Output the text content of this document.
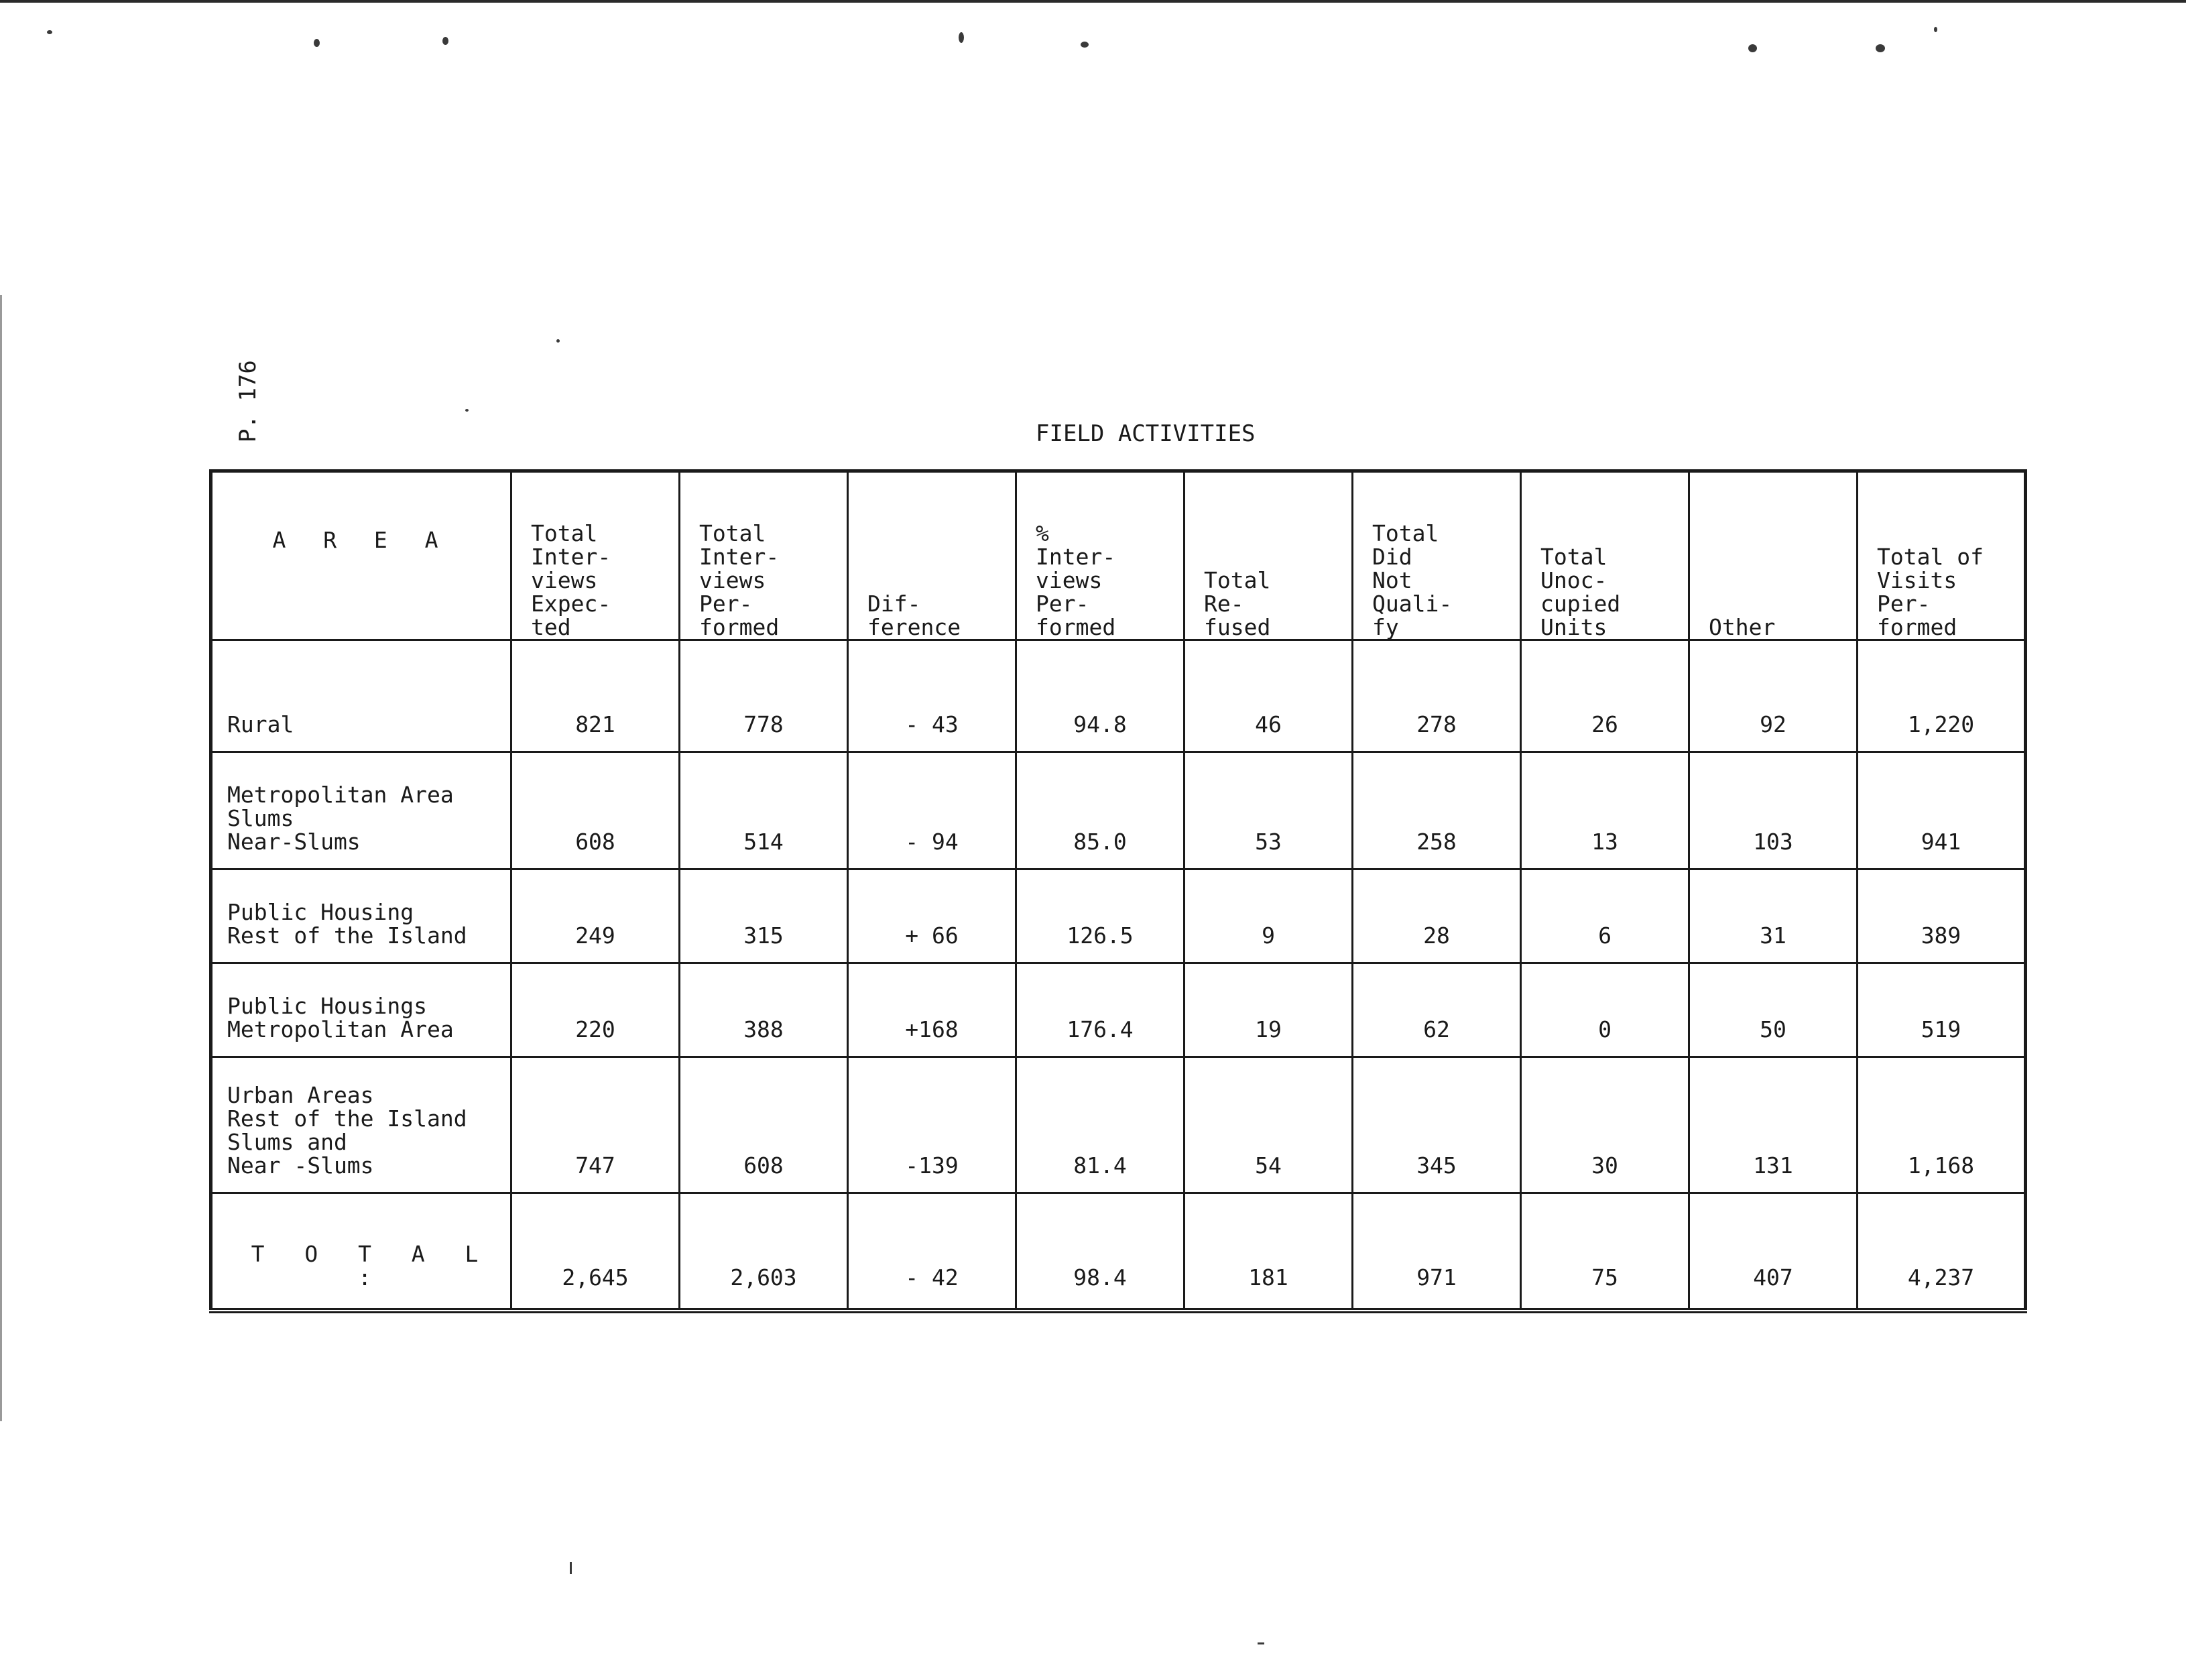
P. 176	FIELD ACTIVITIES
A R E A	Total
Inter-
views
Expec-
ted	Total
Inter-
views
Per-
formed	Dif-
ference	%
Inter-
views
Per-
formed	Total
Re-
fused	Total
Did
Not
Quali-
fy	Total
Unoc-
cupied
Units	Other	Total of
Visits
Per-
formed

Rural	821	778	- 43	94.8	46	278	26	92	1,220
Metropolitan Area
Slums
Near-Slums	608	514	- 94	85.0	53	258	13	103	941
Public Housing
Rest of the Island	249	315	+ 66	126.5	9	28	6	31	389
Public Housings
Metropolitan Area	220	388	+168	176.4	19	62	0	50	519
Urban Areas
Rest of the Island
Slums and
Near -Slums	747	608	-139	81.4	54	345	30	131	1,168
T O T A L :	2,645	2,603	- 42	98.4	181	971	75	407	4,237
